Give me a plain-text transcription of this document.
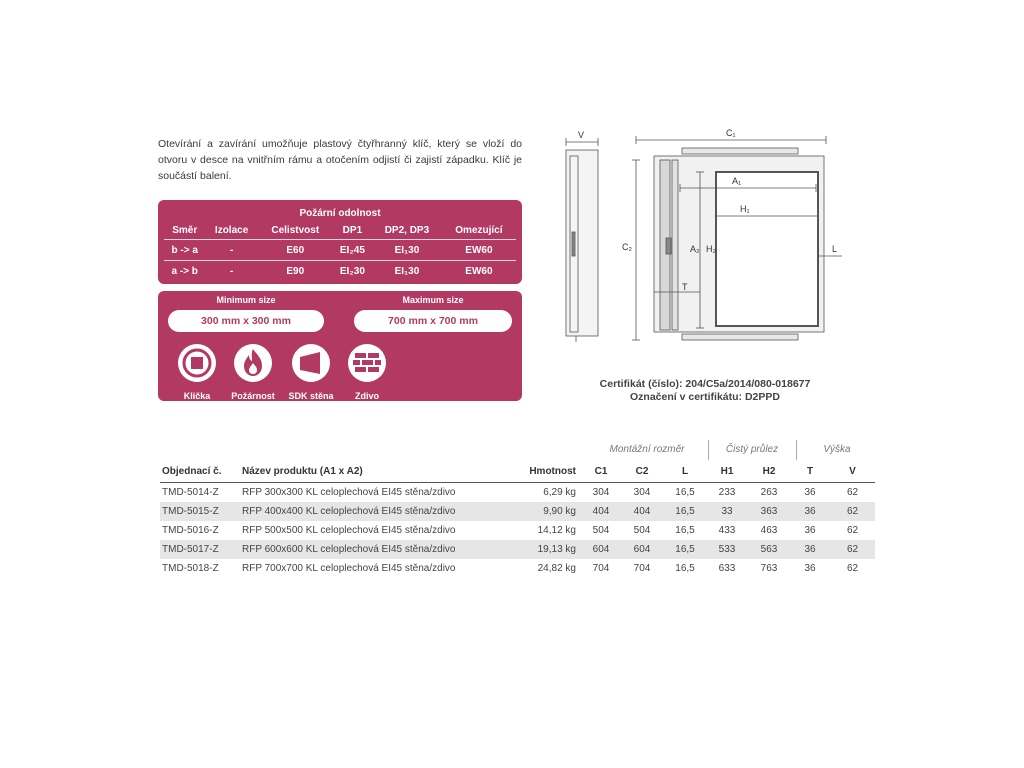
Otevírání a zavírání umožňuje plastový čtyřhranný klíč, který se vloží do otvoru v desce na vnitřním rámu a otočením odjistí či zajistí západku. Klíč je součástí balení.
Požární odolnost
Směr	Izolace	Celistvost	DP1	DP2, DP3	Omezující
b -> a	-	E60	EI₂45	EI₁30	EW60
a -> b	-	E90	EI₂30	EI₁30	EW60
Minimum size
300 mm x 300 mm
Maximum size
700 mm x 700 mm
Klička	Požárnost	SDK stěna	Zdivo
V	C₁
C₂
A₁
H₁
A₂ H₂
T
L
Certifikát (číslo): 204/C5a/2014/080-018677
Označení v certifikátu: D2PPD
Montážní rozměr	Čistý průlez	Výška
Objednací č.	Název produktu (A1 x A2)	Hmotnost	C1	C2	L	H1	H2	T	V
TMD-5014-Z	RFP 300x300 KL celoplechová EI45 stěna/zdivo	6,29 kg	304	304	16,5	233	263	36	62
TMD-5015-Z	RFP 400x400 KL celoplechová EI45 stěna/zdivo	9,90 kg	404	404	16,5	33	363	36	62
TMD-5016-Z	RFP 500x500 KL celoplechová EI45 stěna/zdivo	14,12 kg	504	504	16,5	433	463	36	62
TMD-5017-Z	RFP 600x600 KL celoplechová EI45 stěna/zdivo	19,13 kg	604	604	16,5	533	563	36	62
TMD-5018-Z	RFP 700x700 KL celoplechová EI45 stěna/zdivo	24,82 kg	704	704	16,5	633	763	36	62
